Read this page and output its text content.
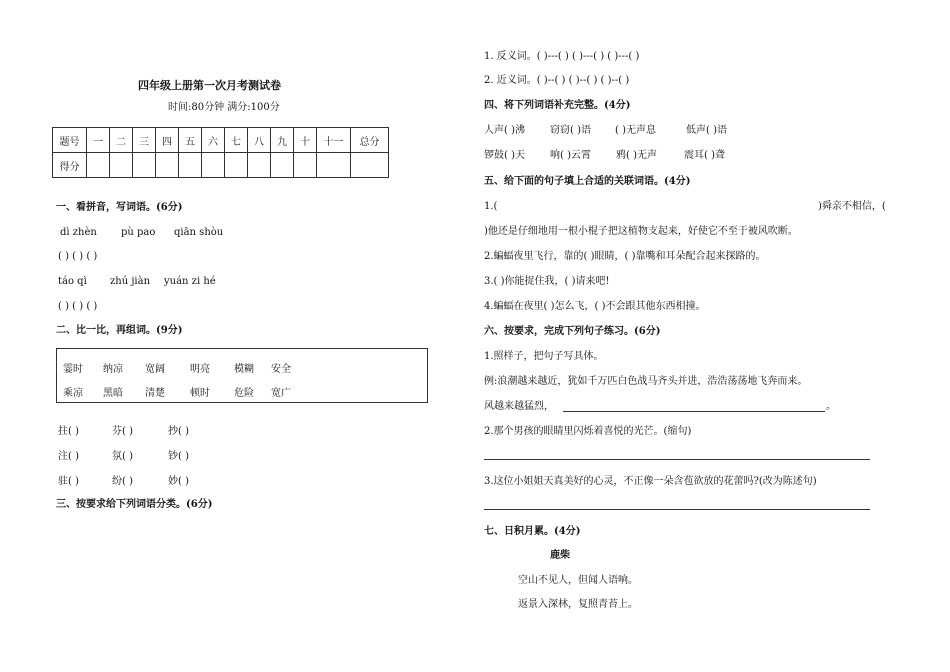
四年级上册第一次月考测试卷
时间:80分钟 满分:100分
题号	一	二	三	四	五	六	七	八	九	十	十一	总分
得分												
一、看拼音，写词语。(6分)
dì zhèn pù pao qiān shòu
( ) ( ) ( )
táo qì zhú jiàn yuán zi hé
( ) ( ) ( )
二、比一比，再组词。(9分)
霎时 纳凉 宽阔	明亮 模糊 安全
乘凉 黑暗 清楚	顿时 危险 宽广
拄( )	芬( )	抄( )
注( )	氛( )	钞( )
驻( )	纷( )	妙( )
三、按要求给下列词语分类。(6分)
1. 反义词。( )---( ) ( )---( ) ( )---( )
2. 近义词。( )--( ) ( )--( ) ( )--( )
四、将下列词语补充完整。(4分)
人声( )沸	窃窃( )语 ( )无声息	低声( )语
锣鼓( )天	响( )云霄	鸦( )无声	震耳( )聋
五、给下面的句子填上合适的关联词语。(4分)
1.(	)舜亲不相信，(
)他还是仔细地用一根小棍子把这植物支起来，好使它不至于被风吹断。
2.蝙蝠夜里飞行，靠的( )眼睛，( )靠嘴和耳朵配合起来探路的。
3.( )你能捉住我，( )请来吧!
4.蝙蝠在夜里( )怎么飞，( )不会跟其他东西相撞。
六、按要求，完成下列句子练习。(6分)
1.照样子，把句子写具体。
例:浪潮越来越近，犹如千万匹白色战马齐头并进，浩浩荡荡地飞奔而来。
风越来越猛烈，	。
2.那个男孩的眼睛里闪烁着喜悦的光芒。(缩句)
3.这位小姐姐天真美好的心灵，不正像一朵含苞欲放的花蕾吗?(改为陈述句)
七、日积月累。(4分)
鹿柴
空山不见人，但闻人语响。
返景入深林，复照青苔上。
